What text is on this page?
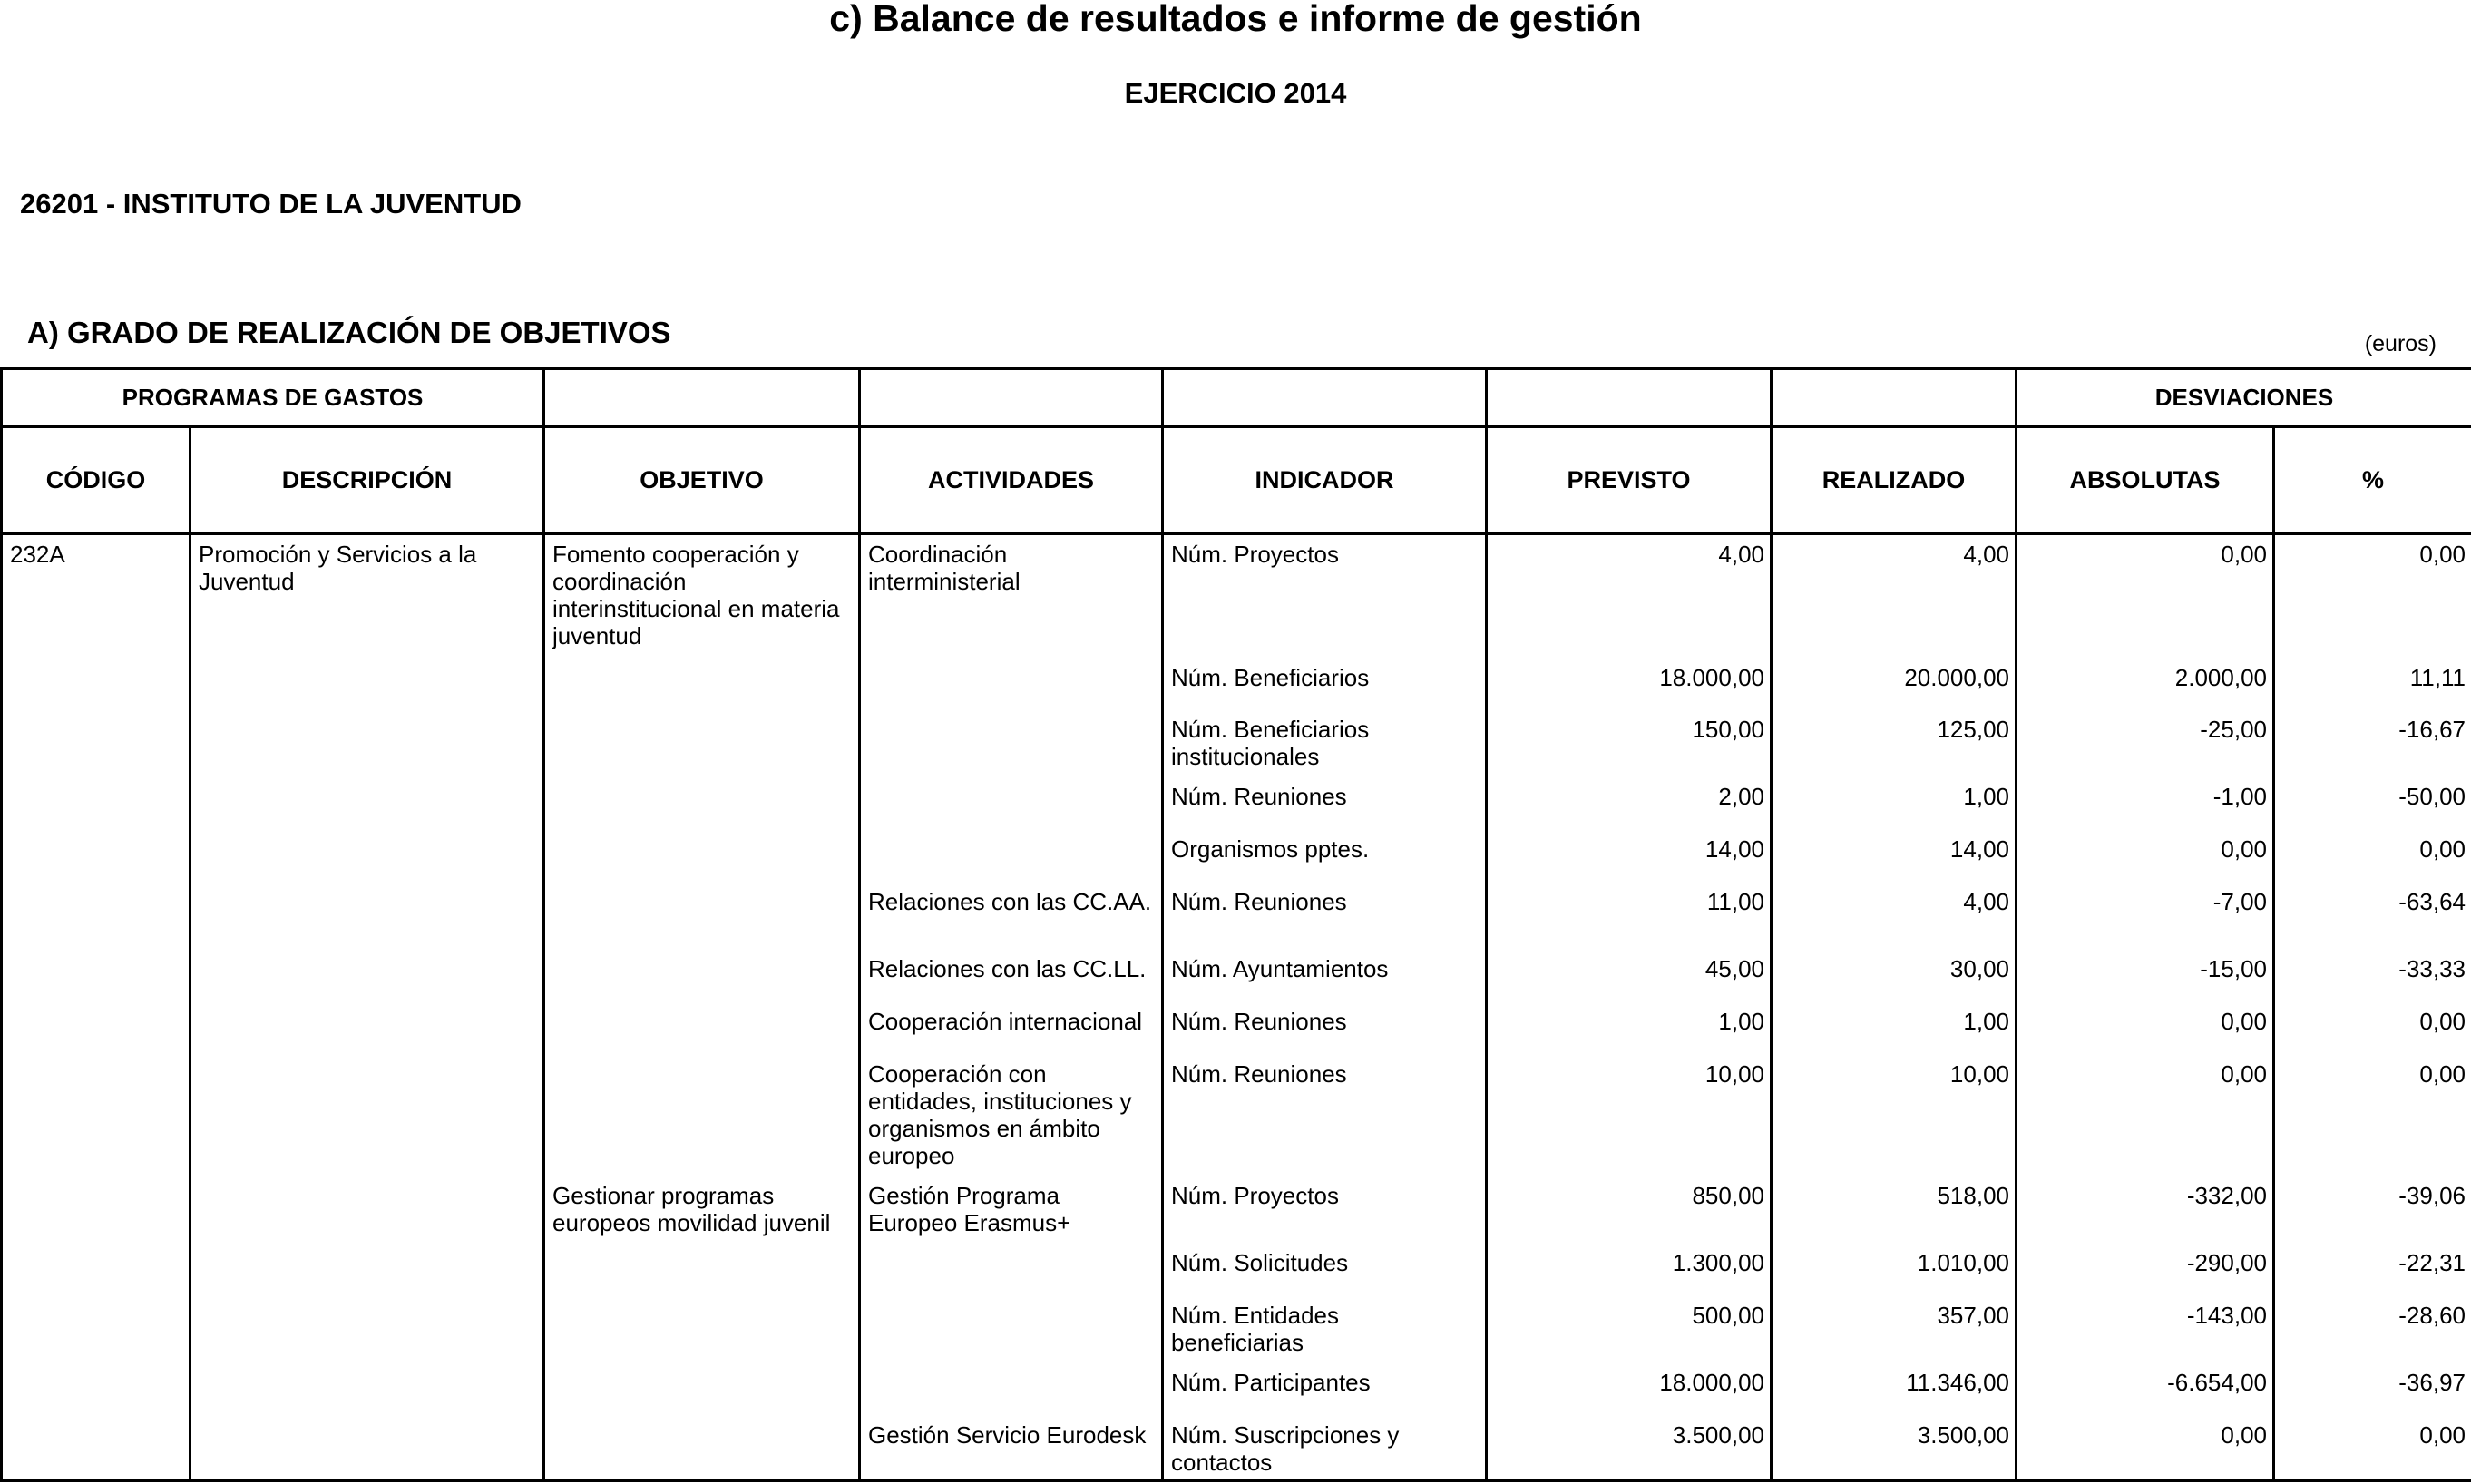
c) Balance de resultados e informe de gestión
EJERCICIO 2014
26201 - INSTITUTO DE LA JUVENTUD
A) GRADO DE REALIZACIÓN DE OBJETIVOS	(euros)
PROGRAMAS DE GASTOS							DESVIACIONES	
CÓDIGO	DESCRIPCIÓN	OBJETIVO	ACTIVIDADES	INDICADOR	PREVISTO	REALIZADO	ABSOLUTAS	%

232A	Promoción y Servicios a la Juventud	Fomento cooperación y coordinación interinstitucional en materia juventud	Coordinación interministerial	Núm. Proyectos	4,00	4,00	0,00	0,00

				Núm. Beneficiarios	18.000,00	20.000,00	2.000,00	11,11

				Núm. Beneficiarios institucionales	150,00	125,00	-25,00	-16,67

				Núm. Reuniones	2,00	1,00	-1,00	-50,00

				Organismos pptes.	14,00	14,00	0,00	0,00

			Relaciones con las CC.AA.	Núm. Reuniones	11,00	4,00	-7,00	-63,64

			Relaciones con las CC.LL.	Núm. Ayuntamientos	45,00	30,00	-15,00	-33,33

			Cooperación internacional	Núm. Reuniones	1,00	1,00	0,00	0,00

			Cooperación con entidades, instituciones y organismos en ámbito europeo	Núm. Reuniones	10,00	10,00	0,00	0,00

		Gestionar programas europeos movilidad juvenil	Gestión Programa Europeo Erasmus+	Núm. Proyectos	850,00	518,00	-332,00	-39,06

				Núm. Solicitudes	1.300,00	1.010,00	-290,00	-22,31

				Núm. Entidades beneficiarias	500,00	357,00	-143,00	-28,60

				Núm. Participantes	18.000,00	11.346,00	-6.654,00	-36,97

			Gestión Servicio Eurodesk	Núm. Suscripciones y contactos	3.500,00	3.500,00	0,00	0,00
